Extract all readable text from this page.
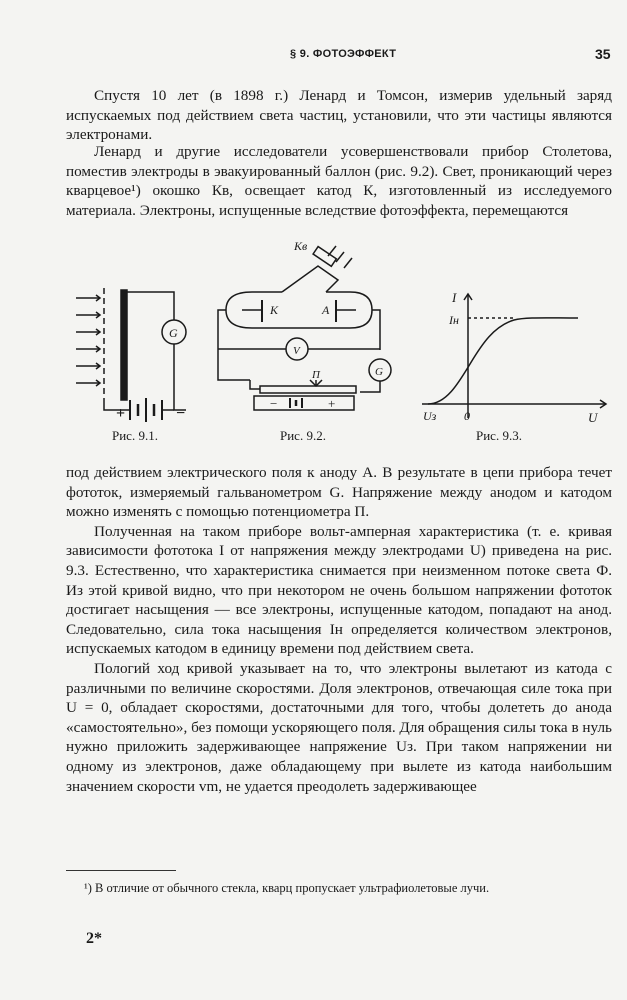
§ 9. ФОТОЭФФЕКТ	35

Спустя 10 лет (в 1898 г.) Ленард и Томсон, измерив удельный заряд испускаемых под действием света частиц, установили, что эти частицы являются электронами.

Ленард и другие исследователи усовершенствовали прибор Столетова, поместив электроды в эвакуированный баллон (рис. 9.2). Свет, проникающий через кварцевое¹) окошко Кв, освещает катод К, изготовленный из исследуемого материала. Электроны, испущенные вследствие фотоэффекта, перемещаются

G
+	−
Кв
К	А
V
G
П
−	+
I
Iн
U
0
Uз
Рис. 9.1.	Рис. 9.2.	Рис. 9.3.

под действием электрического поля к аноду А. В результате в цепи прибора течет фототок, измеряемый гальванометром G. Напряжение между анодом и катодом можно изменять с помощью потенциометра П.

Полученная на таком приборе вольт-амперная характеристика (т. е. кривая зависимости фототока I от напряжения между электродами U) приведена на рис. 9.3. Естественно, что характеристика снимается при неизменном потоке света Ф. Из этой кривой видно, что при некотором не очень большом напряжении фототок достигает насыщения — все электроны, испущенные катодом, попадают на анод. Следовательно, сила тока насыщения Iн определяется количеством электронов, испускаемых катодом в единицу времени под действием света.

Пологий ход кривой указывает на то, что электроны вылетают из катода с различными по величине скоростями. Доля электронов, отвечающая силе тока при U = 0, обладает скоростями, достаточными для того, чтобы долететь до анода «самостоятельно», без помощи ускоряющего поля. Для обращения силы тока в нуль нужно приложить задерживающее напряжение Uз. При таком напряжении ни одному из электронов, даже обладающему при вылете из катода наибольшим значением скорости vm, не удается преодолеть задерживающее

¹) В отличие от обычного стекла, кварц пропускает ультрафиолетовые лучи.

2*
